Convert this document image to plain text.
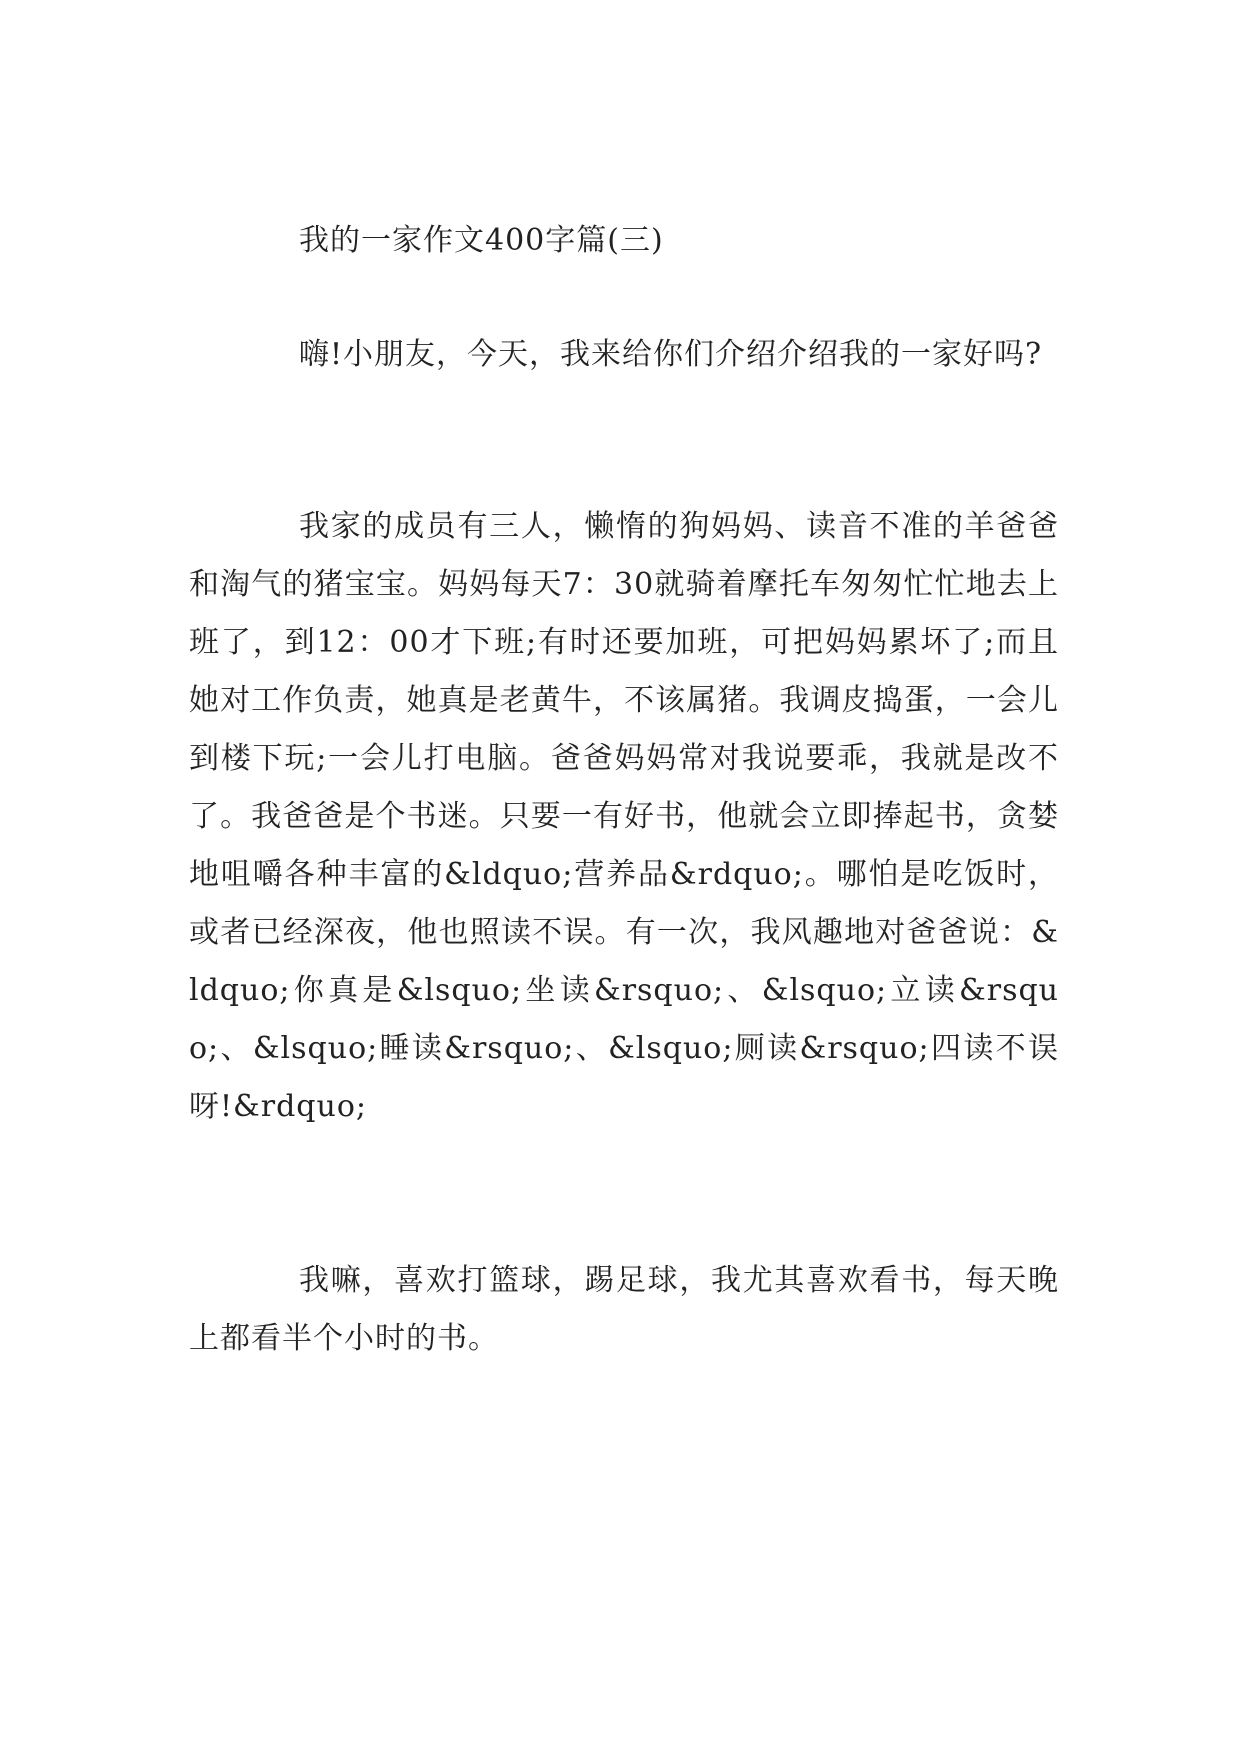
我的一家作文400字篇(三)

嗨!小朋友，今天，我来给你们介绍介绍我的一家好吗?

我家的成员有三人，懒惰的狗妈妈、读音不准的羊爸爸和淘气的猪宝宝。妈妈每天7：30就骑着摩托车匆匆忙忙地去上班了，到12：00才下班;有时还要加班，可把妈妈累坏了;而且她对工作负责，她真是老黄牛，不该属猪。我调皮捣蛋，一会儿到楼下玩;一会儿打电脑。爸爸妈妈常对我说要乖，我就是改不了。我爸爸是个书迷。只要一有好书，他就会立即捧起书，贪婪地咀嚼各种丰富的&ldquo;营养品&rdquo;。哪怕是吃饭时，或者已经深夜，他也照读不误。有一次，我风趣地对爸爸说：&ldquo;你真是&lsquo;坐读&rsquo;、&lsquo;立读&rsquo;、&lsquo;睡读&rsquo;、&lsquo;厕读&rsquo;四读不误呀!&rdquo;

我嘛，喜欢打篮球，踢足球，我尤其喜欢看书，每天晚上都看半个小时的书。
